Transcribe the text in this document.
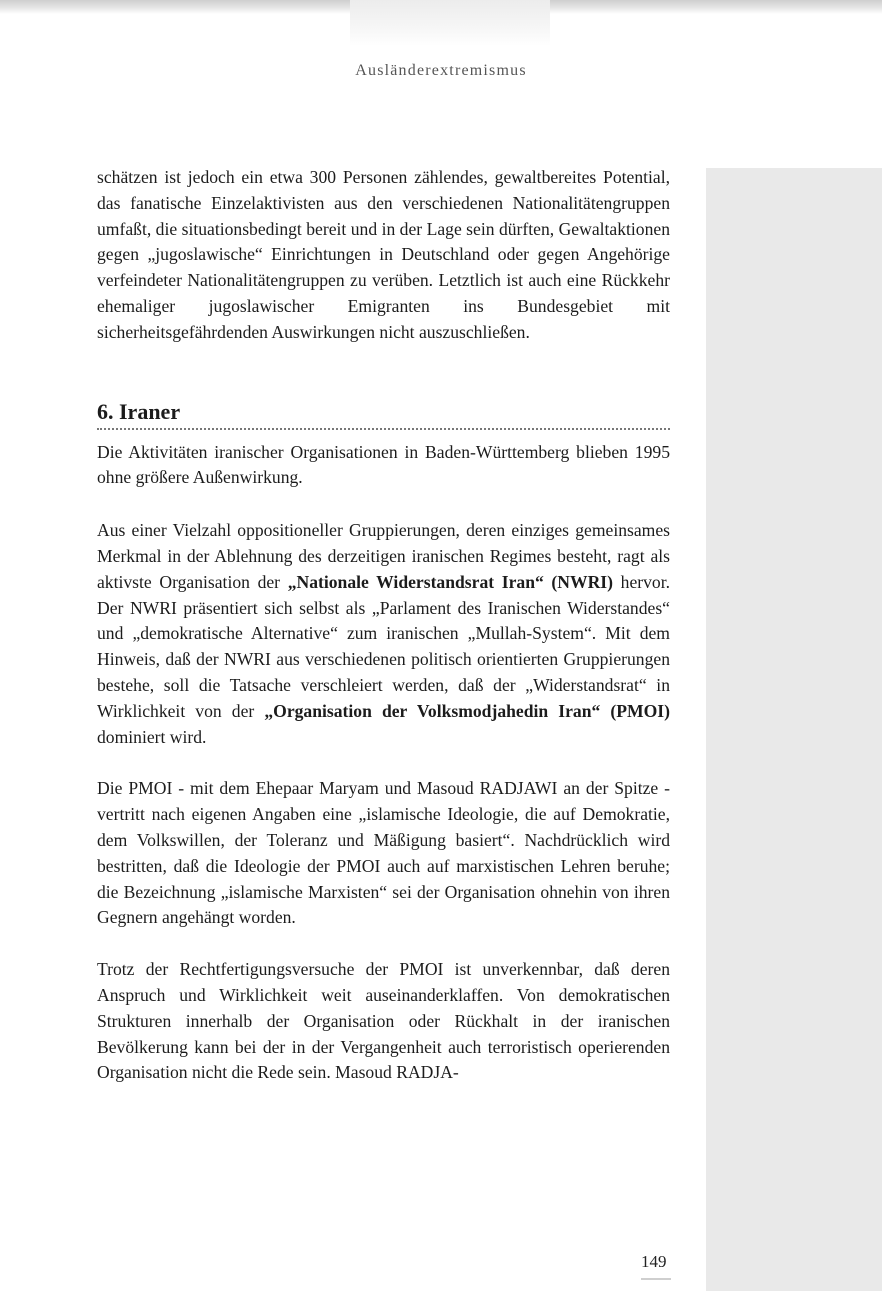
Ausländerextremismus

schätzen ist jedoch ein etwa 300 Personen zählendes, gewaltbereites Potential, das fanatische Einzelaktivisten aus den verschiedenen Nationalitätengruppen umfaßt, die situationsbedingt bereit und in der Lage sein dürften, Gewaltaktionen gegen „jugoslawische“ Einrichtungen in Deutschland oder gegen Angehörige verfeindeter Nationalitätengruppen zu verüben. Letztlich ist auch eine Rückkehr ehemaliger jugoslawischer Emigranten ins Bundesgebiet mit sicherheitsgefährdenden Auswirkungen nicht auszuschließen.

6. Iraner

Die Aktivitäten iranischer Organisationen in Baden-Württemberg blieben 1995 ohne größere Außenwirkung.

Aus einer Vielzahl oppositioneller Gruppierungen, deren einziges gemeinsames Merkmal in der Ablehnung des derzeitigen iranischen Regimes besteht, ragt als aktivste Organisation der „Nationale Widerstandsrat Iran“ (NWRI) hervor. Der NWRI präsentiert sich selbst als „Parlament des Iranischen Widerstandes“ und „demokratische Alternative“ zum iranischen „Mullah-System“. Mit dem Hinweis, daß der NWRI aus verschiedenen politisch orientierten Gruppierungen bestehe, soll die Tatsache verschleiert werden, daß der „Widerstandsrat“ in Wirklichkeit von der „Organisation der Volksmodjahedin Iran“ (PMOI) dominiert wird.

Die PMOI - mit dem Ehepaar Maryam und Masoud RADJAWI an der Spitze - vertritt nach eigenen Angaben eine „islamische Ideologie, die auf Demokratie, dem Volkswillen, der Toleranz und Mäßigung basiert“. Nachdrücklich wird bestritten, daß die Ideologie der PMOI auch auf marxistischen Lehren beruhe; die Bezeichnung „islamische Marxisten“ sei der Organisation ohnehin von ihren Gegnern angehängt worden.

Trotz der Rechtfertigungsversuche der PMOI ist unverkennbar, daß deren Anspruch und Wirklichkeit weit auseinanderklaffen. Von demokratischen Strukturen innerhalb der Organisation oder Rückhalt in der iranischen Bevölkerung kann bei der in der Vergangenheit auch terroristisch operierenden Organisation nicht die Rede sein. Masoud RADJA-

149
